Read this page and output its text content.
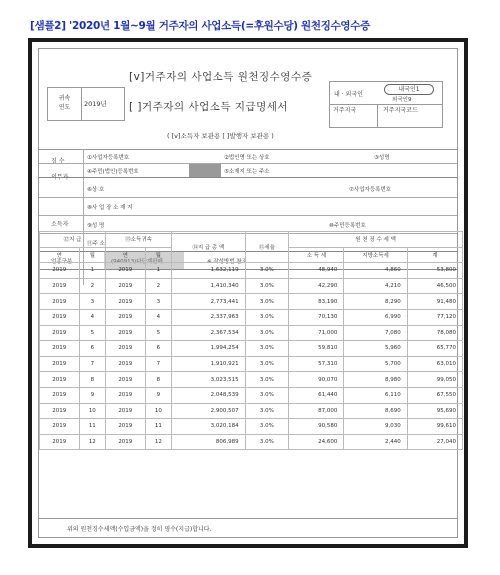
[샘플2] '2020년 1월~9월 거주자의 사업소득(=후원수당) 원천징수영수증
귀속
연도	2019년
[v]거주자의 사업소득 원천징수영수증
[ ]거주자의 사업소득 지급명세서
( [v]소득자 보관용 [ ]발행자 보관용 )
내 · 외국인
내국인1
외국인9
거주지국	거주지국코드
징 수
의무자
①사업자등록번호	②법인명 또는 상호	③성명
④주민(법인)등록번호	⑤소재지 또는 주소
소득자
⑥상 호	⑦사업자등록번호
⑧사 업 장 소 재 지
⑨성 명	⑩주민등록번호
⑪주 소
업종구분	(940913)다단계판매	※ 작성방법 참조
⑫지 급		⑬소득귀속		⑭지 급 총 액	⑮세율	원 천 징 수 세 액		
연	월	연	월			소 득 세	지방소득세	계
2019	1	2019	1	1,632,119	3.0%	48,940	4,860	53,800
2019	2	2019	2	1,410,340	3.0%	42,290	4,210	46,500
2019	3	2019	3	2,773,441	3.0%	83,190	8,290	91,480
2019	4	2019	4	2,337,963	3.0%	70,130	6,990	77,120
2019	5	2019	5	2,367,534	3.0%	71,000	7,080	78,080
2019	6	2019	6	1,994,254	3.0%	59,810	5,960	65,770
2019	7	2019	7	1,910,921	3.0%	57,310	5,700	63,010
2019	8	2019	8	3,023,515	3.0%	90,070	8,980	99,050
2019	9	2019	9	2,048,539	3.0%	61,440	6,110	67,550
2019	10	2019	10	2,900,507	3.0%	87,000	8,690	95,690
2019	11	2019	11	3,020,184	3.0%	90,580	9,030	99,610
2019	12	2019	12	806,989	3.0%	24,600	2,440	27,040
위의 원천징수세액(수입금액)을 정히 영수(지급)합니다.
